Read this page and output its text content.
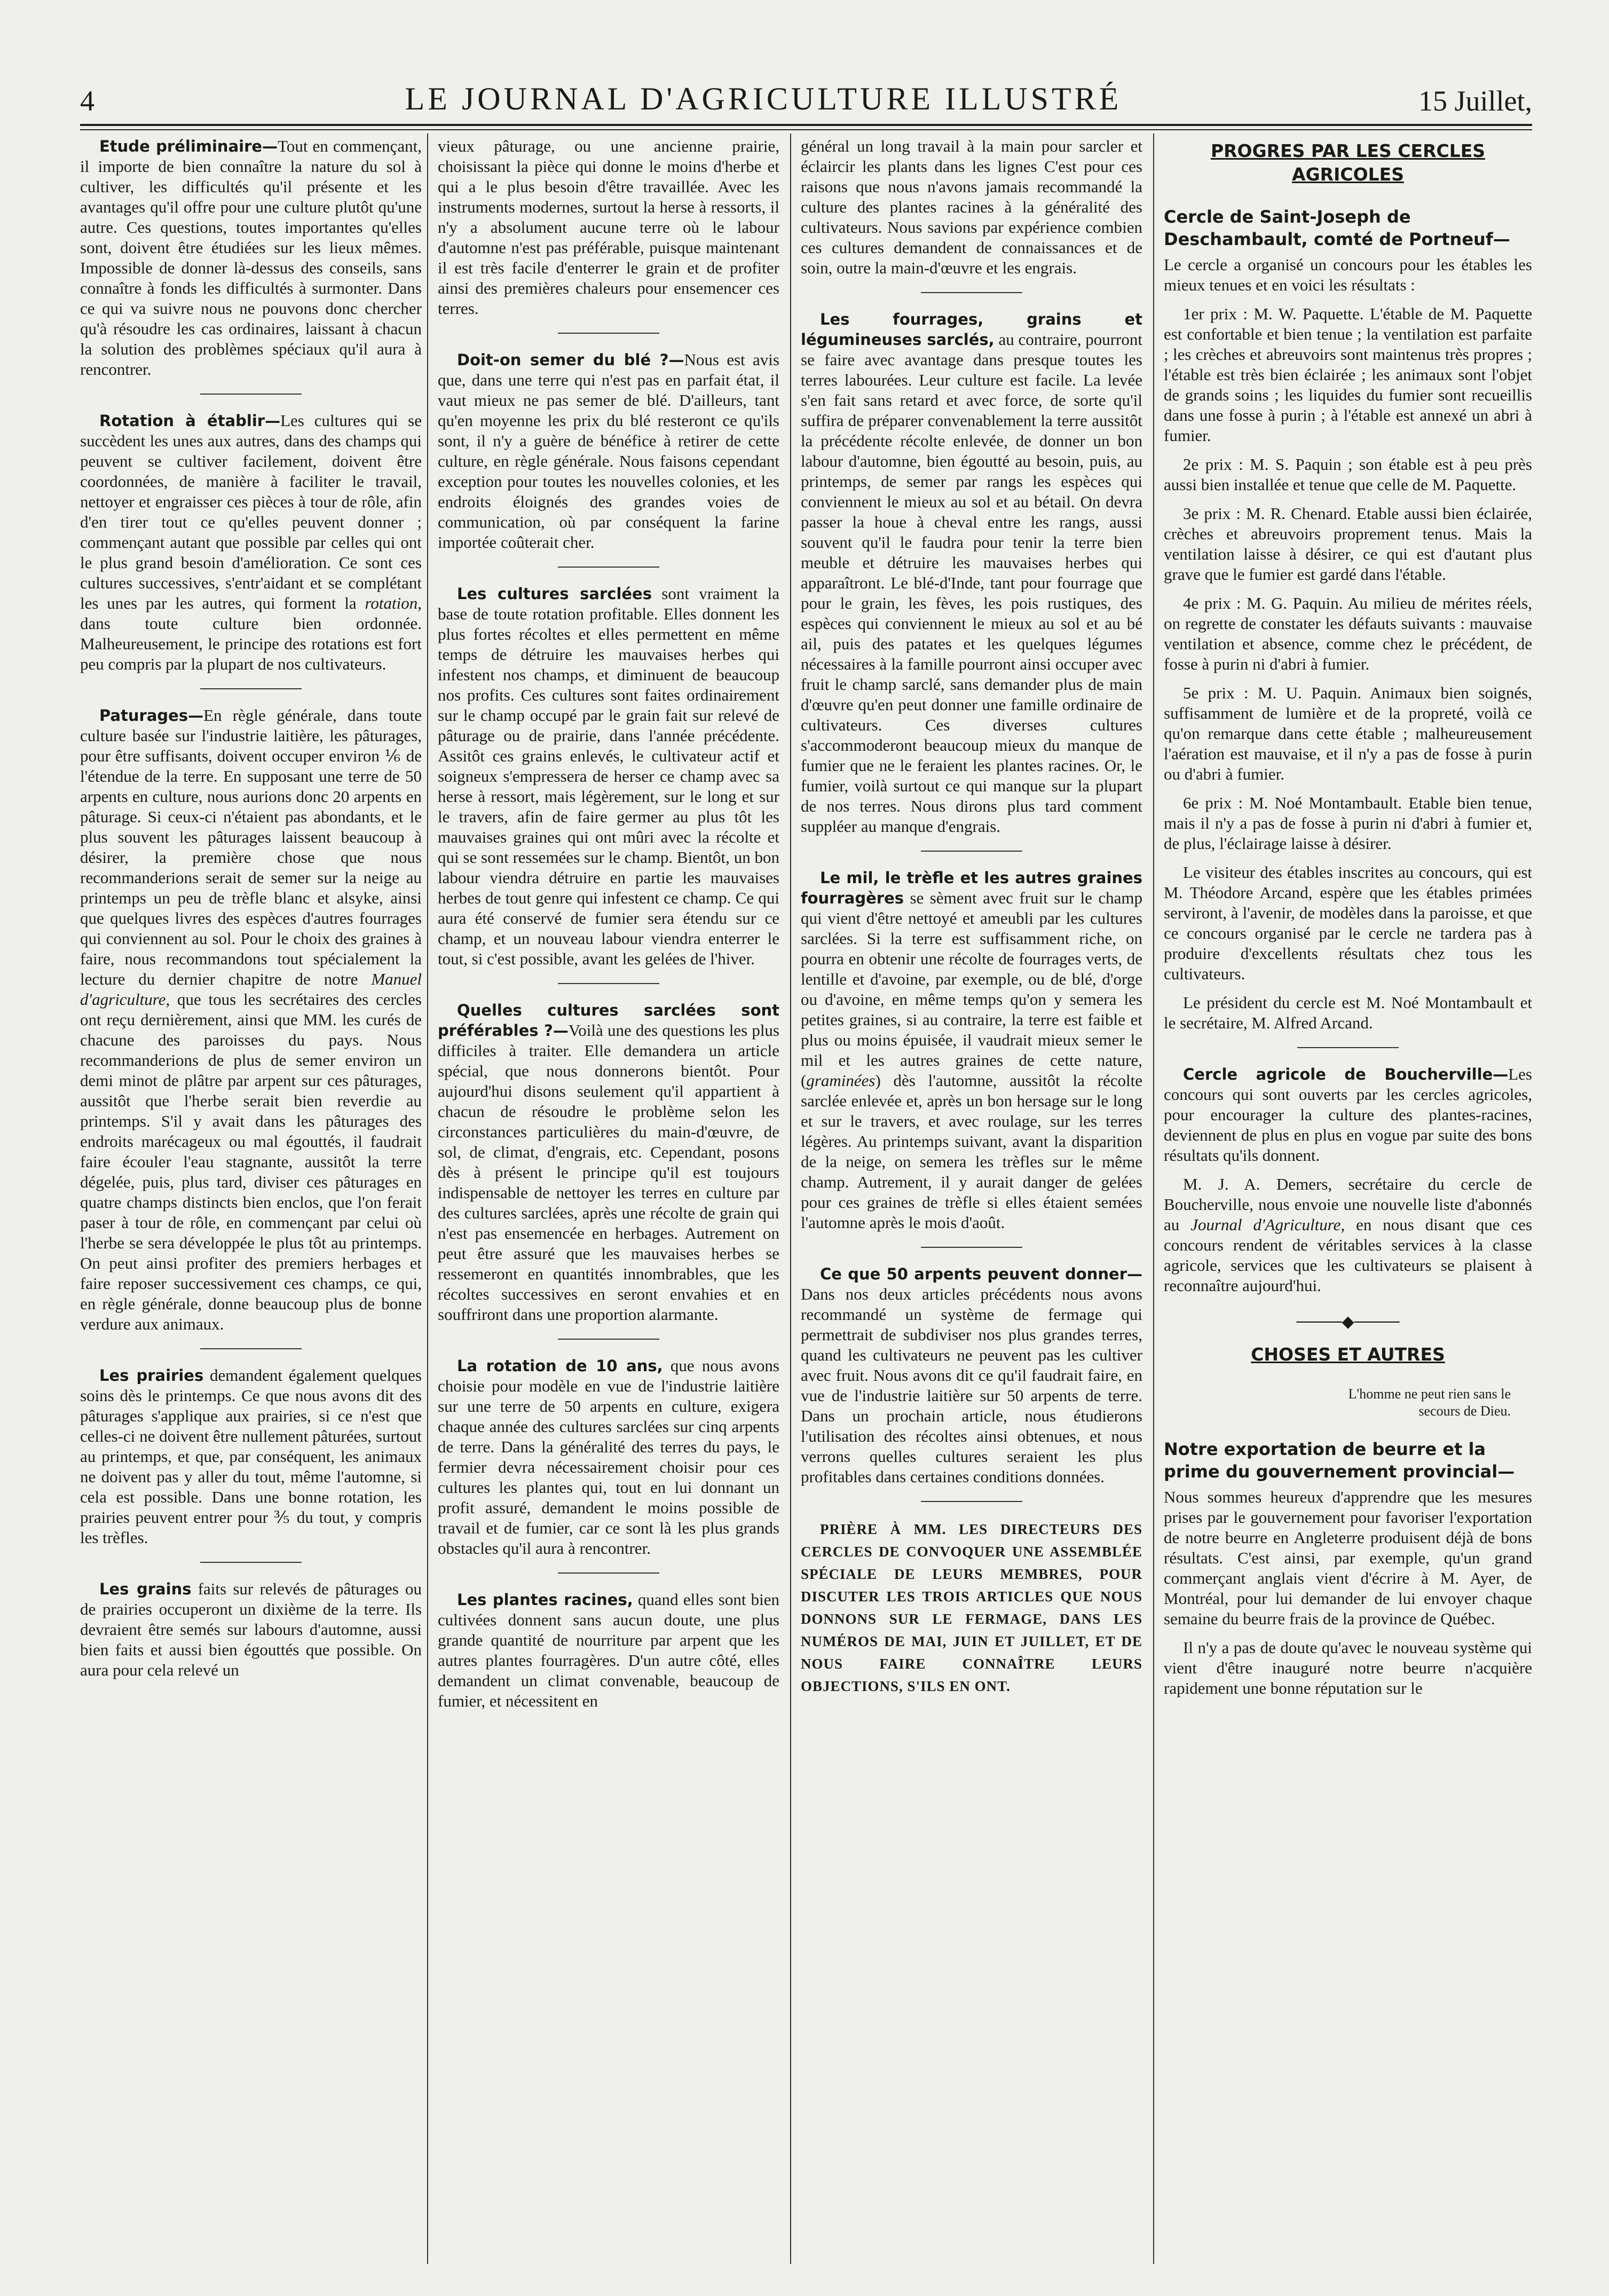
4	LE JOURNAL D'AGRICULTURE ILLUSTRÉ	15 Juillet,

Etude préliminaire—Tout en commençant, il importe de bien connaître la nature du sol à cultiver, les difficultés qu'il présente et les avantages qu'il offre pour une culture plutôt qu'une autre. Ces questions, toutes importantes qu'elles sont, doivent être étudiées sur les lieux mêmes. Impossible de donner là-dessus des conseils, sans connaître à fonds les difficultés à surmonter. Dans ce qui va suivre nous ne pouvons donc chercher qu'à résoudre les cas ordinaires, laissant à chacun la solution des problèmes spéciaux qu'il aura à rencontrer.

Rotation à établir—Les cultures qui se succèdent les unes aux autres, dans des champs qui peuvent se cultiver facilement, doivent être coordonnées, de manière à faciliter le travail, nettoyer et engraisser ces pièces à tour de rôle, afin d'en tirer tout ce qu'elles peuvent donner ; commençant autant que possible par celles qui ont le plus grand besoin d'amélioration. Ce sont ces cultures successives, s'entr'aidant et se complétant les unes par les autres, qui forment la rotation, dans toute culture bien ordonnée. Malheureusement, le principe des rotations est fort peu compris par la plupart de nos cultivateurs.

Paturages—En règle générale, dans toute culture basée sur l'industrie laitière, les pâturages, pour être suffisants, doivent occuper environ ⅙ de l'étendue de la terre. En supposant une terre de 50 arpents en culture, nous aurions donc 20 arpents en pâturage. Si ceux-ci n'étaient pas abondants, et le plus souvent les pâturages laissent beaucoup à désirer, la première chose que nous recommanderions serait de semer sur la neige au printemps un peu de trèfle blanc et alsyke, ainsi que quelques livres des espèces d'autres fourrages qui conviennent au sol. Pour le choix des graines à faire, nous recommandons tout spécialement la lecture du dernier chapitre de notre Manuel d'agriculture, que tous les secrétaires des cercles ont reçu dernièrement, ainsi que MM. les curés de chacune des paroisses du pays. Nous recommanderions de plus de semer environ un demi minot de plâtre par arpent sur ces pâturages, aussitôt que l'herbe serait bien reverdie au printemps. S'il y avait dans les pâturages des endroits marécageux ou mal égouttés, il faudrait faire écouler l'eau stagnante, aussitôt la terre dégelée, puis, plus tard, diviser ces pâturages en quatre champs distincts bien enclos, que l'on ferait paser à tour de rôle, en commençant par celui où l'herbe se sera développée le plus tôt au printemps. On peut ainsi profiter des premiers herbages et faire reposer successivement ces champs, ce qui, en règle générale, donne beaucoup plus de bonne verdure aux animaux.

Les prairies demandent également quelques soins dès le printemps. Ce que nous avons dit des pâturages s'applique aux prairies, si ce n'est que celles-ci ne doivent être nullement pâturées, surtout au printemps, et que, par conséquent, les animaux ne doivent pas y aller du tout, même l'automne, si cela est possible. Dans une bonne rotation, les prairies peuvent entrer pour ⅗ du tout, y compris les trèfles.

Les grains faits sur relevés de pâturages ou de prairies occuperont un dixième de la terre. Ils devraient être semés sur labours d'automne, aussi bien faits et aussi bien égouttés que possible. On aura pour cela relevé un

vieux pâturage, ou une ancienne prairie, choisissant la pièce qui donne le moins d'herbe et qui a le plus besoin d'être travaillée. Avec les instruments modernes, surtout la herse à ressorts, il n'y a absolument aucune terre où le labour d'automne n'est pas préférable, puisque maintenant il est très facile d'enterrer le grain et de profiter ainsi des premières chaleurs pour ensemencer ces terres.

Doit-on semer du blé ?—Nous est avis que, dans une terre qui n'est pas en parfait état, il vaut mieux ne pas semer de blé. D'ailleurs, tant qu'en moyenne les prix du blé resteront ce qu'ils sont, il n'y a guère de bénéfice à retirer de cette culture, en règle générale. Nous faisons cependant exception pour toutes les nouvelles colonies, et les endroits éloignés des grandes voies de communication, où par conséquent la farine importée coûterait cher.

Les cultures sarclées sont vraiment la base de toute rotation profitable. Elles donnent les plus fortes récoltes et elles permettent en même temps de détruire les mauvaises herbes qui infestent nos champs, et diminuent de beaucoup nos profits. Ces cultures sont faites ordinairement sur le champ occupé par le grain fait sur relevé de pâturage ou de prairie, dans l'année précédente. Assitôt ces grains enlevés, le cultivateur actif et soigneux s'empressera de herser ce champ avec sa herse à ressort, mais légèrement, sur le long et sur le travers, afin de faire germer au plus tôt les mauvaises graines qui ont mûri avec la récolte et qui se sont ressemées sur le champ. Bientôt, un bon labour viendra détruire en partie les mauvaises herbes de tout genre qui infestent ce champ. Ce qui aura été conservé de fumier sera étendu sur ce champ, et un nouveau labour viendra enterrer le tout, si c'est possible, avant les gelées de l'hiver.

Quelles cultures sarclées sont préférables ?—Voilà une des questions les plus difficiles à traiter. Elle demandera un article spécial, que nous donnerons bientôt. Pour aujourd'hui disons seulement qu'il appartient à chacun de résoudre le problème selon les circonstances particulières du main-d'œuvre, de sol, de climat, d'engrais, etc. Cependant, posons dès à présent le principe qu'il est toujours indispensable de nettoyer les terres en culture par des cultures sarclées, après une récolte de grain qui n'est pas ensemencée en herbages. Autrement on peut être assuré que les mauvaises herbes se ressemeront en quantités innombrables, que les récoltes successives en seront envahies et en souffriront dans une proportion alarmante.

La rotation de 10 ans, que nous avons choisie pour modèle en vue de l'industrie laitière sur une terre de 50 arpents en culture, exigera chaque année des cultures sarclées sur cinq arpents de terre. Dans la généralité des terres du pays, le fermier devra nécessairement choisir pour ces cultures les plantes qui, tout en lui donnant un profit assuré, demandent le moins possible de travail et de fumier, car ce sont là les plus grands obstacles qu'il aura à rencontrer.

Les plantes racines, quand elles sont bien cultivées donnent sans aucun doute, une plus grande quantité de nourriture par arpent que les autres plantes fourragères. D'un autre côté, elles demandent un climat convenable, beaucoup de fumier, et nécessitent en

général un long travail à la main pour sarcler et éclaircir les plants dans les lignes C'est pour ces raisons que nous n'avons jamais recommandé la culture des plantes racines à la généralité des cultivateurs. Nous savions par expérience combien ces cultures demandent de connaissances et de soin, outre la main-d'œuvre et les engrais.

Les fourrages, grains et légumineuses sarclés, au contraire, pourront se faire avec avantage dans presque toutes les terres labourées. Leur culture est facile. La levée s'en fait sans retard et avec force, de sorte qu'il suffira de préparer convenablement la terre aussitôt la précédente récolte enlevée, de donner un bon labour d'automne, bien égoutté au besoin, puis, au printemps, de semer par rangs les espèces qui conviennent le mieux au sol et au bétail. On devra passer la houe à cheval entre les rangs, aussi souvent qu'il le faudra pour tenir la terre bien meuble et détruire les mauvaises herbes qui apparaîtront. Le blé-d'Inde, tant pour fourrage que pour le grain, les fèves, les pois rustiques, des espèces qui conviennent le mieux au sol et au bé ail, puis des patates et les quelques légumes nécessaires à la famille pourront ainsi occuper avec fruit le champ sarclé, sans demander plus de main d'œuvre qu'en peut donner une famille ordinaire de cultivateurs. Ces diverses cultures s'accommoderont beaucoup mieux du manque de fumier que ne le feraient les plantes racines. Or, le fumier, voilà surtout ce qui manque sur la plupart de nos terres. Nous dirons plus tard comment suppléer au manque d'engrais.

Le mil, le trèfle et les autres graines fourragères se sèment avec fruit sur le champ qui vient d'être nettoyé et ameubli par les cultures sarclées. Si la terre est suffisamment riche, on pourra en obtenir une récolte de fourrages verts, de lentille et d'avoine, par exemple, ou de blé, d'orge ou d'avoine, en même temps qu'on y semera les petites graines, si au contraire, la terre est faible et plus ou moins épuisée, il vaudrait mieux semer le mil et les autres graines de cette nature, (graminées) dès l'automne, aussitôt la récolte sarclée enlevée et, après un bon hersage sur le long et sur le travers, et avec roulage, sur les terres légères. Au printemps suivant, avant la disparition de la neige, on semera les trèfles sur le même champ. Autrement, il y aurait danger de gelées pour ces graines de trèfle si elles étaient semées l'automne après le mois d'août.

Ce que 50 arpents peuvent donner—Dans nos deux articles précédents nous avons recommandé un système de fermage qui permettrait de subdiviser nos plus grandes terres, quand les cultivateurs ne peuvent pas les cultiver avec fruit. Nous avons dit ce qu'il faudrait faire, en vue de l'industrie laitière sur 50 arpents de terre. Dans un prochain article, nous étudierons l'utilisation des récoltes ainsi obtenues, et nous verrons quelles cultures seraient les plus profitables dans certaines conditions données.

PRIÈRE À MM. LES DIRECTEURS DES CERCLES DE CONVOQUER UNE ASSEMBLÉE SPÉCIALE DE LEURS MEMBRES, POUR DISCUTER LES TROIS ARTICLES QUE NOUS DONNONS SUR LE FERMAGE, DANS LES NUMÉROS DE MAI, JUIN ET JUILLET, ET DE NOUS FAIRE CONNAÎTRE LEURS OBJECTIONS, S'ILS EN ONT.

PROGRES PAR LES CERCLES AGRICOLES
Cercle de Saint-Joseph de Deschambault, comté de Portneuf—

Le cercle a organisé un concours pour les étables les mieux tenues et en voici les résultats :

1er prix : M. W. Paquette. L'étable de M. Paquette est confortable et bien tenue ; la ventilation est parfaite ; les crèches et abreuvoirs sont maintenus très propres ; l'étable est très bien éclairée ; les animaux sont l'objet de grands soins ; les liquides du fumier sont recueillis dans une fosse à purin ; à l'étable est annexé un abri à fumier.

2e prix : M. S. Paquin ; son étable est à peu près aussi bien installée et tenue que celle de M. Paquette.

3e prix : M. R. Chenard. Etable aussi bien éclairée, crèches et abreuvoirs proprement tenus. Mais la ventilation laisse à désirer, ce qui est d'autant plus grave que le fumier est gardé dans l'étable.

4e prix : M. G. Paquin. Au milieu de mérites réels, on regrette de constater les défauts suivants : mauvaise ventilation et absence, comme chez le précédent, de fosse à purin ni d'abri à fumier.

5e prix : M. U. Paquin. Animaux bien soignés, suffisamment de lumière et de la propreté, voilà ce qu'on remarque dans cette étable ; malheureusement l'aération est mauvaise, et il n'y a pas de fosse à purin ou d'abri à fumier.

6e prix : M. Noé Montambault. Etable bien tenue, mais il n'y a pas de fosse à purin ni d'abri à fumier et, de plus, l'éclairage laisse à désirer.

Le visiteur des étables inscrites au concours, qui est M. Théodore Arcand, espère que les étables primées serviront, à l'avenir, de modèles dans la paroisse, et que ce concours organisé par le cercle ne tardera pas à produire d'excellents résultats chez tous les cultivateurs.

Le président du cercle est M. Noé Montambault et le secrétaire, M. Alfred Arcand.

Cercle agricole de Boucherville—Les concours qui sont ouverts par les cercles agricoles, pour encourager la culture des plantes-racines, deviennent de plus en plus en vogue par suite des bons résultats qu'ils donnent.

M. J. A. Demers, secrétaire du cercle de Boucherville, nous envoie une nouvelle liste d'abonnés au Journal d'Agriculture, en nous disant que ces concours rendent de véritables services à la classe agricole, services que les cultivateurs se plaisent à reconnaître aujourd'hui.

────◆────
CHOSES ET AUTRES
L'homme ne peut rien sans le secours de Dieu.
Notre exportation de beurre et la prime du gouvernement provincial—

Nous sommes heureux d'apprendre que les mesures prises par le gouvernement pour favoriser l'exportation de notre beurre en Angleterre produisent déjà de bons résultats. C'est ainsi, par exemple, qu'un grand commerçant anglais vient d'écrire à M. Ayer, de Montréal, pour lui demander de lui envoyer chaque semaine du beurre frais de la province de Québec.

Il n'y a pas de doute qu'avec le nouveau système qui vient d'être inauguré notre beurre n'acquière rapidement une bonne réputation sur le
